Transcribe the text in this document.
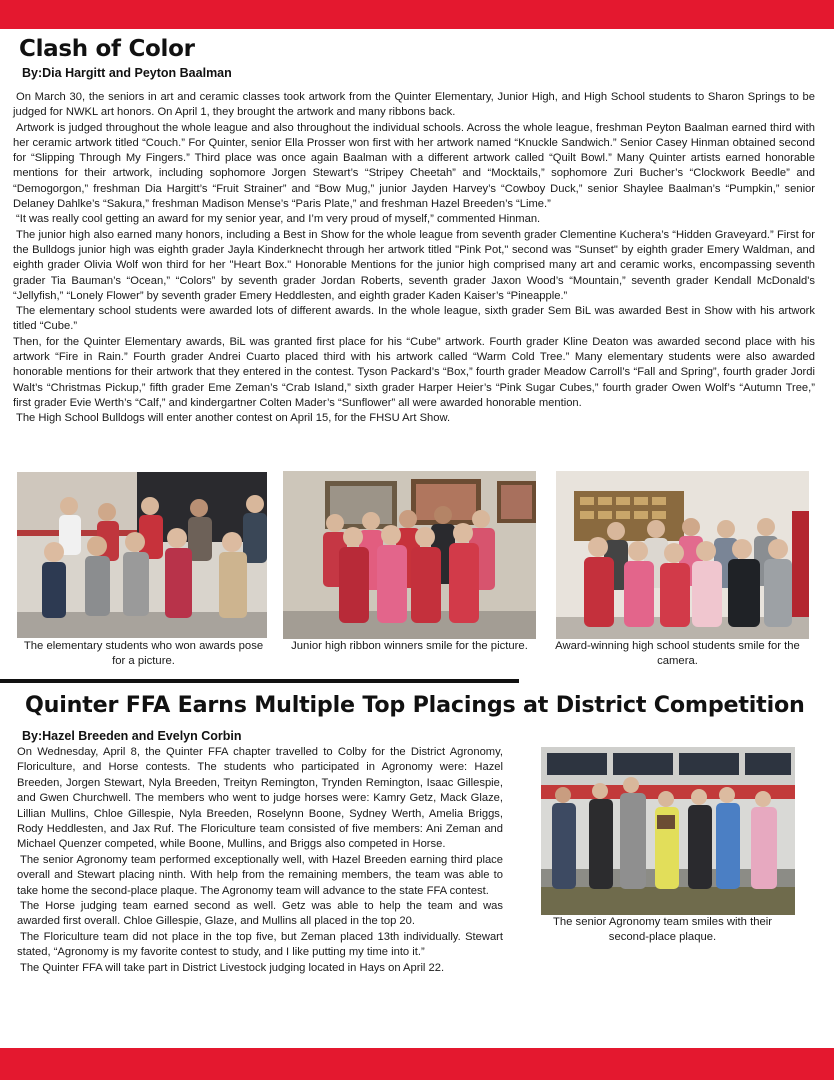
Clash of Color

By:Dia Hargitt and Peyton Baalman

On March 30, the seniors in art and ceramic classes took artwork from the Quinter Elementary, Junior High, and High School students to Sharon Springs to be judged for NWKL art honors. On April 1, they brought the artwork and many ribbons back.

Artwork is judged throughout the whole league and also throughout the individual schools. Across the whole league, freshman Peyton Baalman earned third with her ceramic artwork titled “Couch.” For Quinter, senior Ella Prosser won first with her artwork named “Knuckle Sandwich.” Senior Casey Hinman obtained second for “Slipping Through My Fingers.” Third place was once again Baalman with a different artwork called “Quilt Bowl.” Many Quinter artists earned honorable mentions for their artwork, including sophomore Jorgen Stewart’s “Stripey Cheetah” and “Mocktails,” sophomore Zuri Bucher’s “Clockwork Beedle” and “Demogorgon,” freshman Dia Hargitt’s “Fruit Strainer” and “Bow Mug,” junior Jayden Harvey’s “Cowboy Duck,” senior Shaylee Baalman’s “Pumpkin,” senior Delaney Dahlke’s “Sakura,” freshman Madison Mense’s “Paris Plate,” and freshman Hazel Breeden’s “Lime.”

“It was really cool getting an award for my senior year, and I’m very proud of myself,” commented Hinman.

The junior high also earned many honors, including a Best in Show for the whole league from seventh grader Clementine Kuchera’s “Hidden Graveyard.” First for the Bulldogs junior high was eighth grader Jayla Kinderknecht through her artwork titled "Pink Pot," second was "Sunset" by eighth grader Emery Waldman, and eighth grader Olivia Wolf won third for her "Heart Box." Honorable Mentions for the junior high comprised many art and ceramic works, encompassing seventh grader Tia Bauman’s “Ocean,” “Colors” by seventh grader Jordan Roberts, seventh grader Jaxon Wood’s “Mountain,” seventh grader Kendall McDonald's “Jellyfish,” “Lonely Flower” by seventh grader Emery Heddlesten, and eighth grader Kaden Kaiser’s “Pineapple.”

The elementary school students were awarded lots of different awards. In the whole league, sixth grader Sem BiL was awarded Best in Show with his artwork titled “Cube.”

Then, for the Quinter Elementary awards, BiL was granted first place for his “Cube” artwork. Fourth grader Kline Deaton was awarded second place with his artwork “Fire in Rain.” Fourth grader Andrei Cuarto placed third with his artwork called “Warm Cold Tree.” Many elementary students were also awarded honorable mentions for their artwork that they entered in the contest. Tyson Packard’s “Box,” fourth grader Meadow Carroll’s “Fall and Spring”, fourth grader Jordi Walt’s “Christmas Pickup,” fifth grader Eme Zeman’s “Crab Island,” sixth grader Harper Heier’s “Pink Sugar Cubes,” fourth grader Owen Wolf’s “Autumn Tree,” first grader Evie Werth’s “Calf,” and kindergartner Colten Mader’s “Sunflower” all were awarded honorable mention.

The High School Bulldogs will enter another contest on April 15, for the FHSU Art Show.

The elementary students who won awards pose for a picture.
Junior high ribbon winners smile for the picture.	Award-winning high school students smile for the camera.
Quinter FFA Earns Multiple Top Placings at District Competition

By:Hazel Breeden and Evelyn Corbin

On Wednesday, April 8, the Quinter FFA chapter travelled to Colby for the District Agronomy, Floriculture, and Horse contests. The students who participated in Agronomy were: Hazel Breeden, Jorgen Stewart, Nyla Breeden, Treityn Remington, Trynden Remington, Isaac Gillespie, and Gwen Churchwell. The members who went to judge horses were: Kamry Getz, Mack Glaze, Lillian Mullins, Chloe Gillespie, Nyla Breeden, Roselynn Boone, Sydney Werth, Amelia Briggs, Rody Heddlesten, and Jax Ruf. The Floriculture team consisted of five members: Ani Zeman and Michael Quenzer competed, while Boone, Mullins, and Briggs also competed in Horse.

The senior Agronomy team performed exceptionally well, with Hazel Breeden earning third place overall and Stewart placing ninth. With help from the remaining members, the team was able to take home the second-place plaque. The Agronomy team will advance to the state FFA contest.

The Horse judging team earned second as well. Getz was able to help the team and was awarded first overall. Chloe Gillespie, Glaze, and Mullins all placed in the top 20.

The Floriculture team did not place in the top five, but Zeman placed 13th individually. Stewart stated, “Agronomy is my favorite contest to study, and I like putting my time into it.”

The Quinter FFA will take part in District Livestock judging located in Hays on April 22.

The senior Agronomy team smiles with their second-place plaque.
